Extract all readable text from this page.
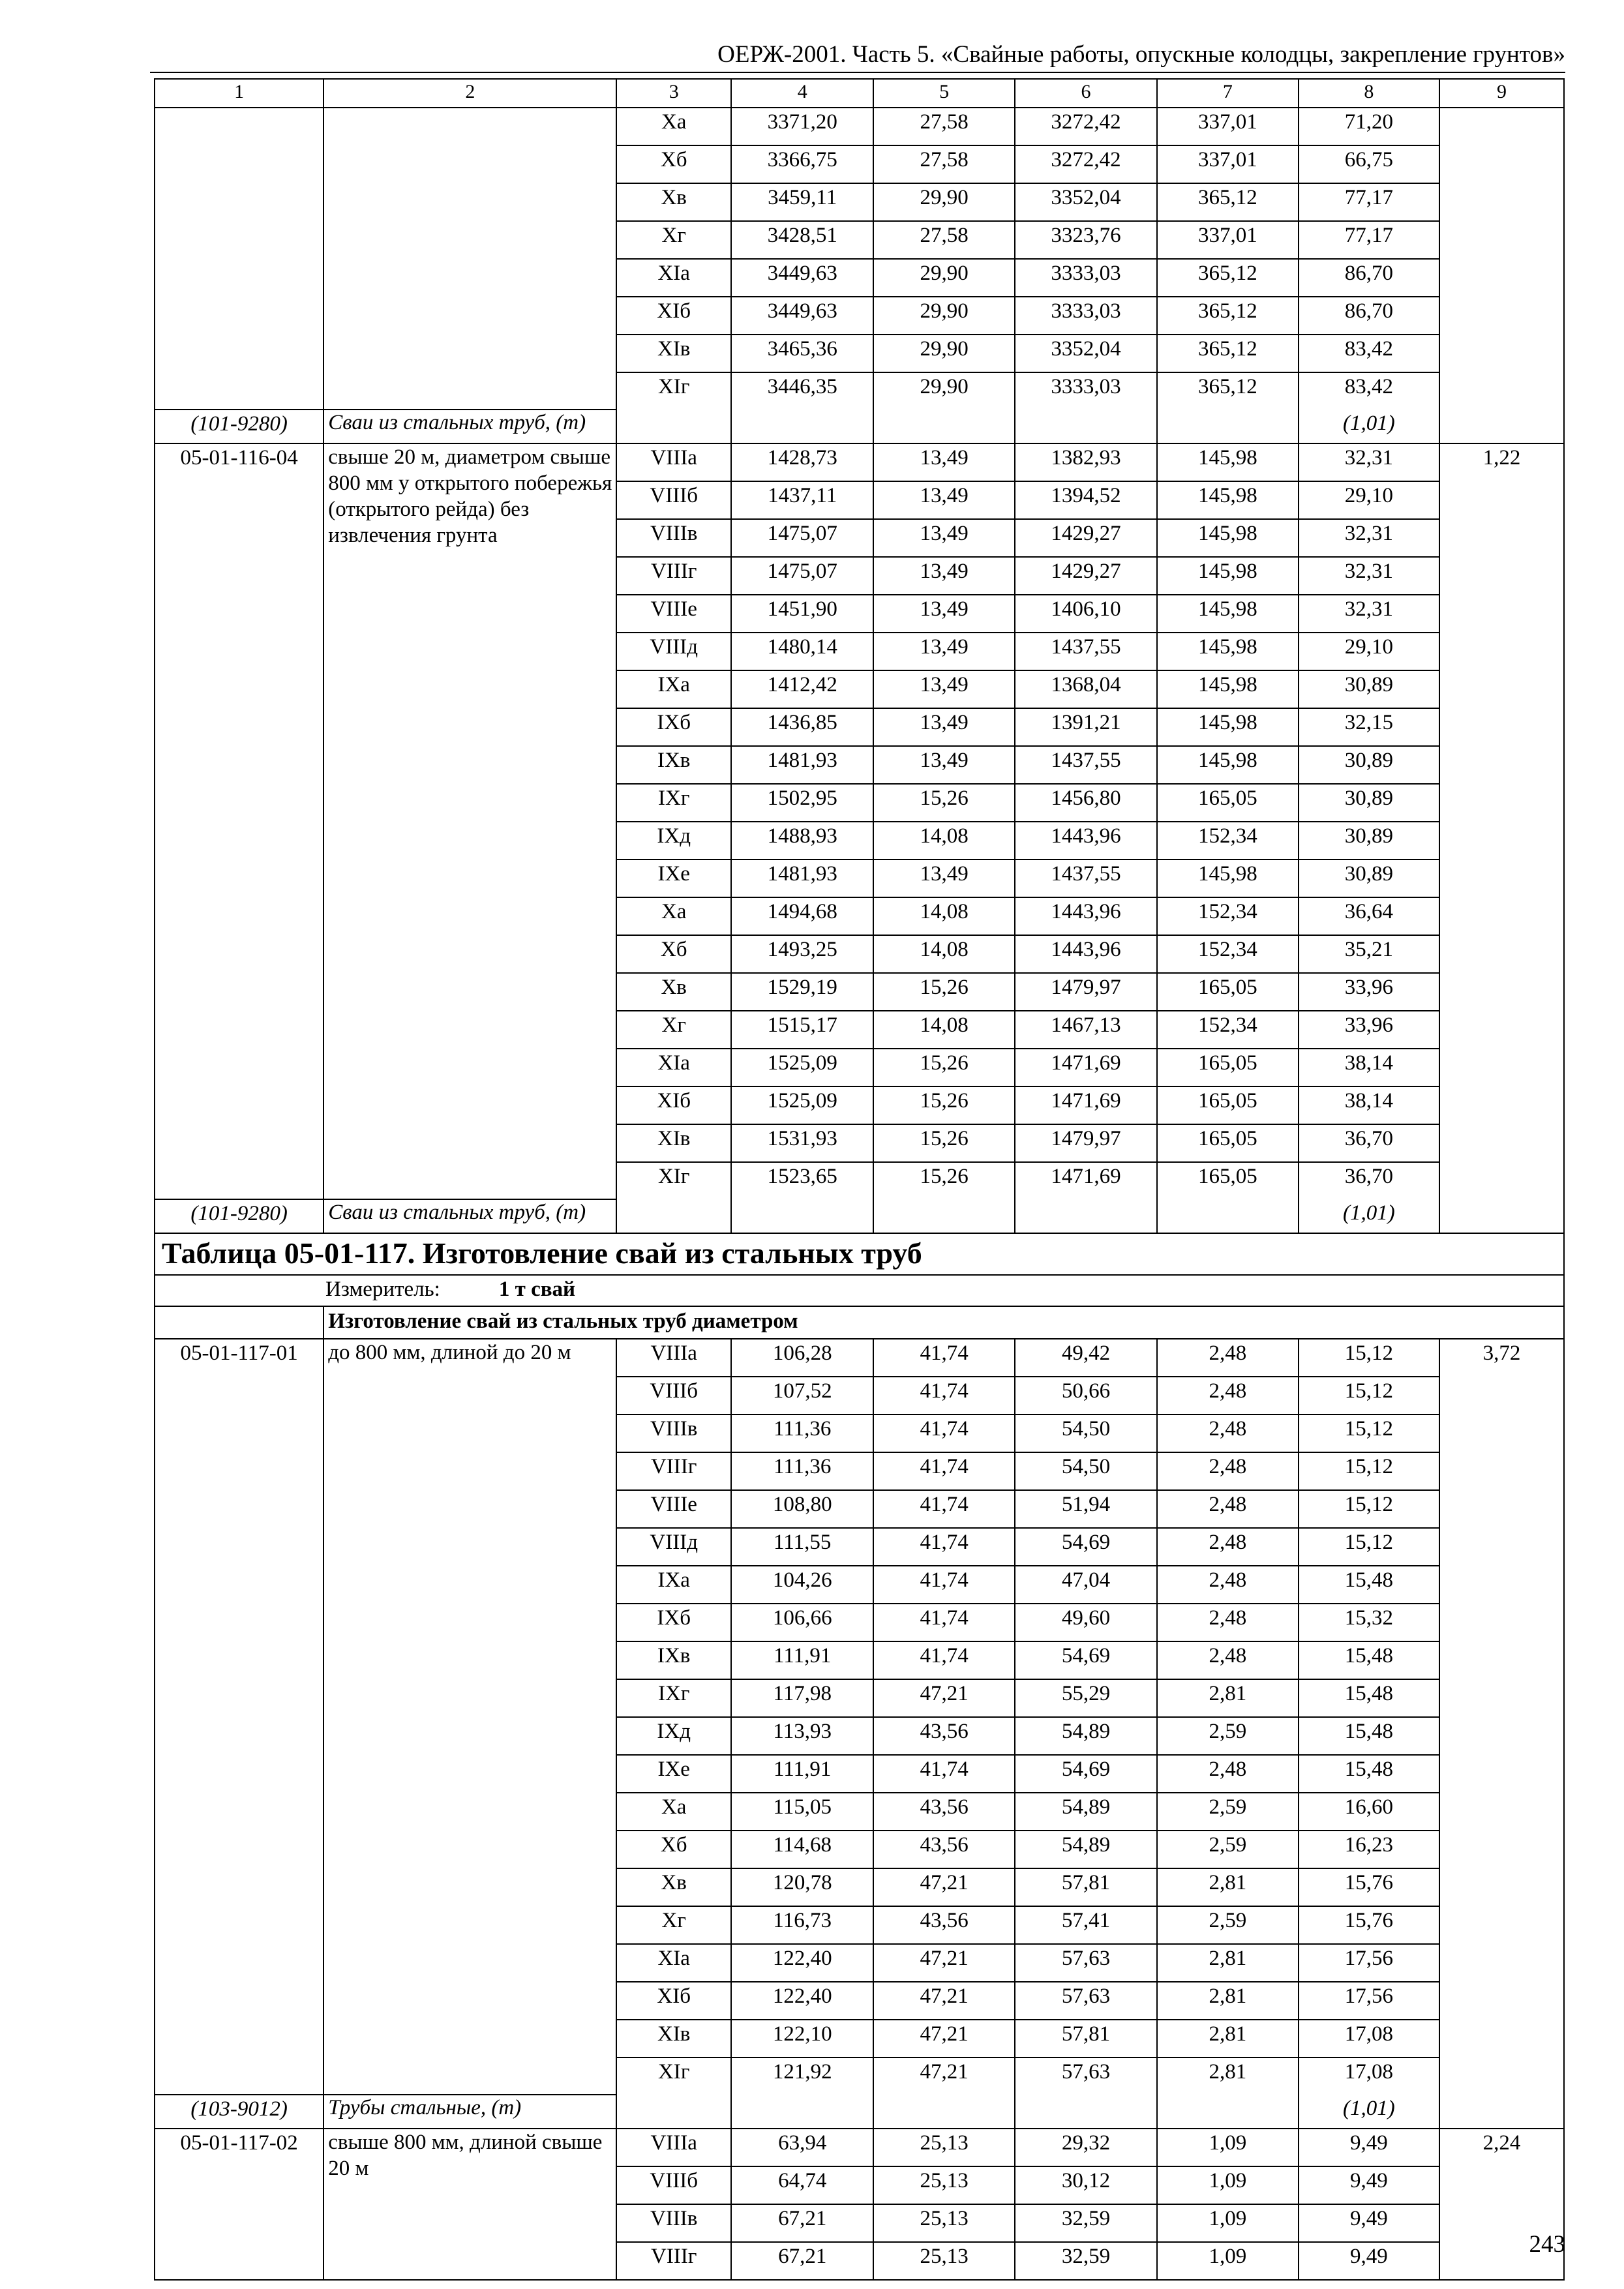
ОЕРЖ-2001. Часть 5. «Свайные работы, опускные колодцы, закрепление грунтов»
1	2	3	4	5	6	7	8	9
		Xa	3371,20	27,58	3272,42	337,01	71,20	
		Xб	3366,75	27,58	3272,42	337,01	66,75	
		Xв	3459,11	29,90	3352,04	365,12	77,17	
		Xг	3428,51	27,58	3323,76	337,01	77,17	
		XIa	3449,63	29,90	3333,03	365,12	86,70	
		XIб	3449,63	29,90	3333,03	365,12	86,70	
		XIв	3465,36	29,90	3352,04	365,12	83,42	
		XIг	3446,35	29,90	3333,03	365,12	83,42	
(101-9280)	Сваи из стальных труб, (т)						(1,01)	
05-01-116-04	свыше 20 м, диаметром свыше 800 мм у открытого побережья (открытого рейда) без извлечения грунта	VIIIa	1428,73	13,49	1382,93	145,98	32,31	1,22
		VIIIб	1437,11	13,49	1394,52	145,98	29,10	
		VIIIв	1475,07	13,49	1429,27	145,98	32,31	
		VIIIг	1475,07	13,49	1429,27	145,98	32,31	
		VIIIe	1451,90	13,49	1406,10	145,98	32,31	
		VIIIд	1480,14	13,49	1437,55	145,98	29,10	
		IXa	1412,42	13,49	1368,04	145,98	30,89	
		IXб	1436,85	13,49	1391,21	145,98	32,15	
		IXв	1481,93	13,49	1437,55	145,98	30,89	
		IXг	1502,95	15,26	1456,80	165,05	30,89	
		IXд	1488,93	14,08	1443,96	152,34	30,89	
		IXe	1481,93	13,49	1437,55	145,98	30,89	
		Xa	1494,68	14,08	1443,96	152,34	36,64	
		Xб	1493,25	14,08	1443,96	152,34	35,21	
		Xв	1529,19	15,26	1479,97	165,05	33,96	
		Xг	1515,17	14,08	1467,13	152,34	33,96	
		XIa	1525,09	15,26	1471,69	165,05	38,14	
		XIб	1525,09	15,26	1471,69	165,05	38,14	
		XIв	1531,93	15,26	1479,97	165,05	36,70	
		XIг	1523,65	15,26	1471,69	165,05	36,70	
(101-9280)	Сваи из стальных труб, (т)						(1,01)	
Таблица 05-01-117. Изготовление свай из стальных труб								
Измеритель: 1 т свай								
	Изготовление свай из стальных труб диаметром							
05-01-117-01	до 800 мм, длиной до 20 м	VIIIa	106,28	41,74	49,42	2,48	15,12	3,72
		VIIIб	107,52	41,74	50,66	2,48	15,12	
		VIIIв	111,36	41,74	54,50	2,48	15,12	
		VIIIг	111,36	41,74	54,50	2,48	15,12	
		VIIIe	108,80	41,74	51,94	2,48	15,12	
		VIIIд	111,55	41,74	54,69	2,48	15,12	
		IXa	104,26	41,74	47,04	2,48	15,48	
		IXб	106,66	41,74	49,60	2,48	15,32	
		IXв	111,91	41,74	54,69	2,48	15,48	
		IXг	117,98	47,21	55,29	2,81	15,48	
		IXд	113,93	43,56	54,89	2,59	15,48	
		IXe	111,91	41,74	54,69	2,48	15,48	
		Xa	115,05	43,56	54,89	2,59	16,60	
		Xб	114,68	43,56	54,89	2,59	16,23	
		Xв	120,78	47,21	57,81	2,81	15,76	
		Xг	116,73	43,56	57,41	2,59	15,76	
		XIa	122,40	47,21	57,63	2,81	17,56	
		XIб	122,40	47,21	57,63	2,81	17,56	
		XIв	122,10	47,21	57,81	2,81	17,08	
		XIг	121,92	47,21	57,63	2,81	17,08	
(103-9012)	Трубы стальные, (т)						(1,01)	
05-01-117-02	свыше 800 мм, длиной свыше 20 м	VIIIa	63,94	25,13	29,32	1,09	9,49	2,24
		VIIIб	64,74	25,13	30,12	1,09	9,49	
		VIIIв	67,21	25,13	32,59	1,09	9,49	
		VIIIг	67,21	25,13	32,59	1,09	9,49		243
